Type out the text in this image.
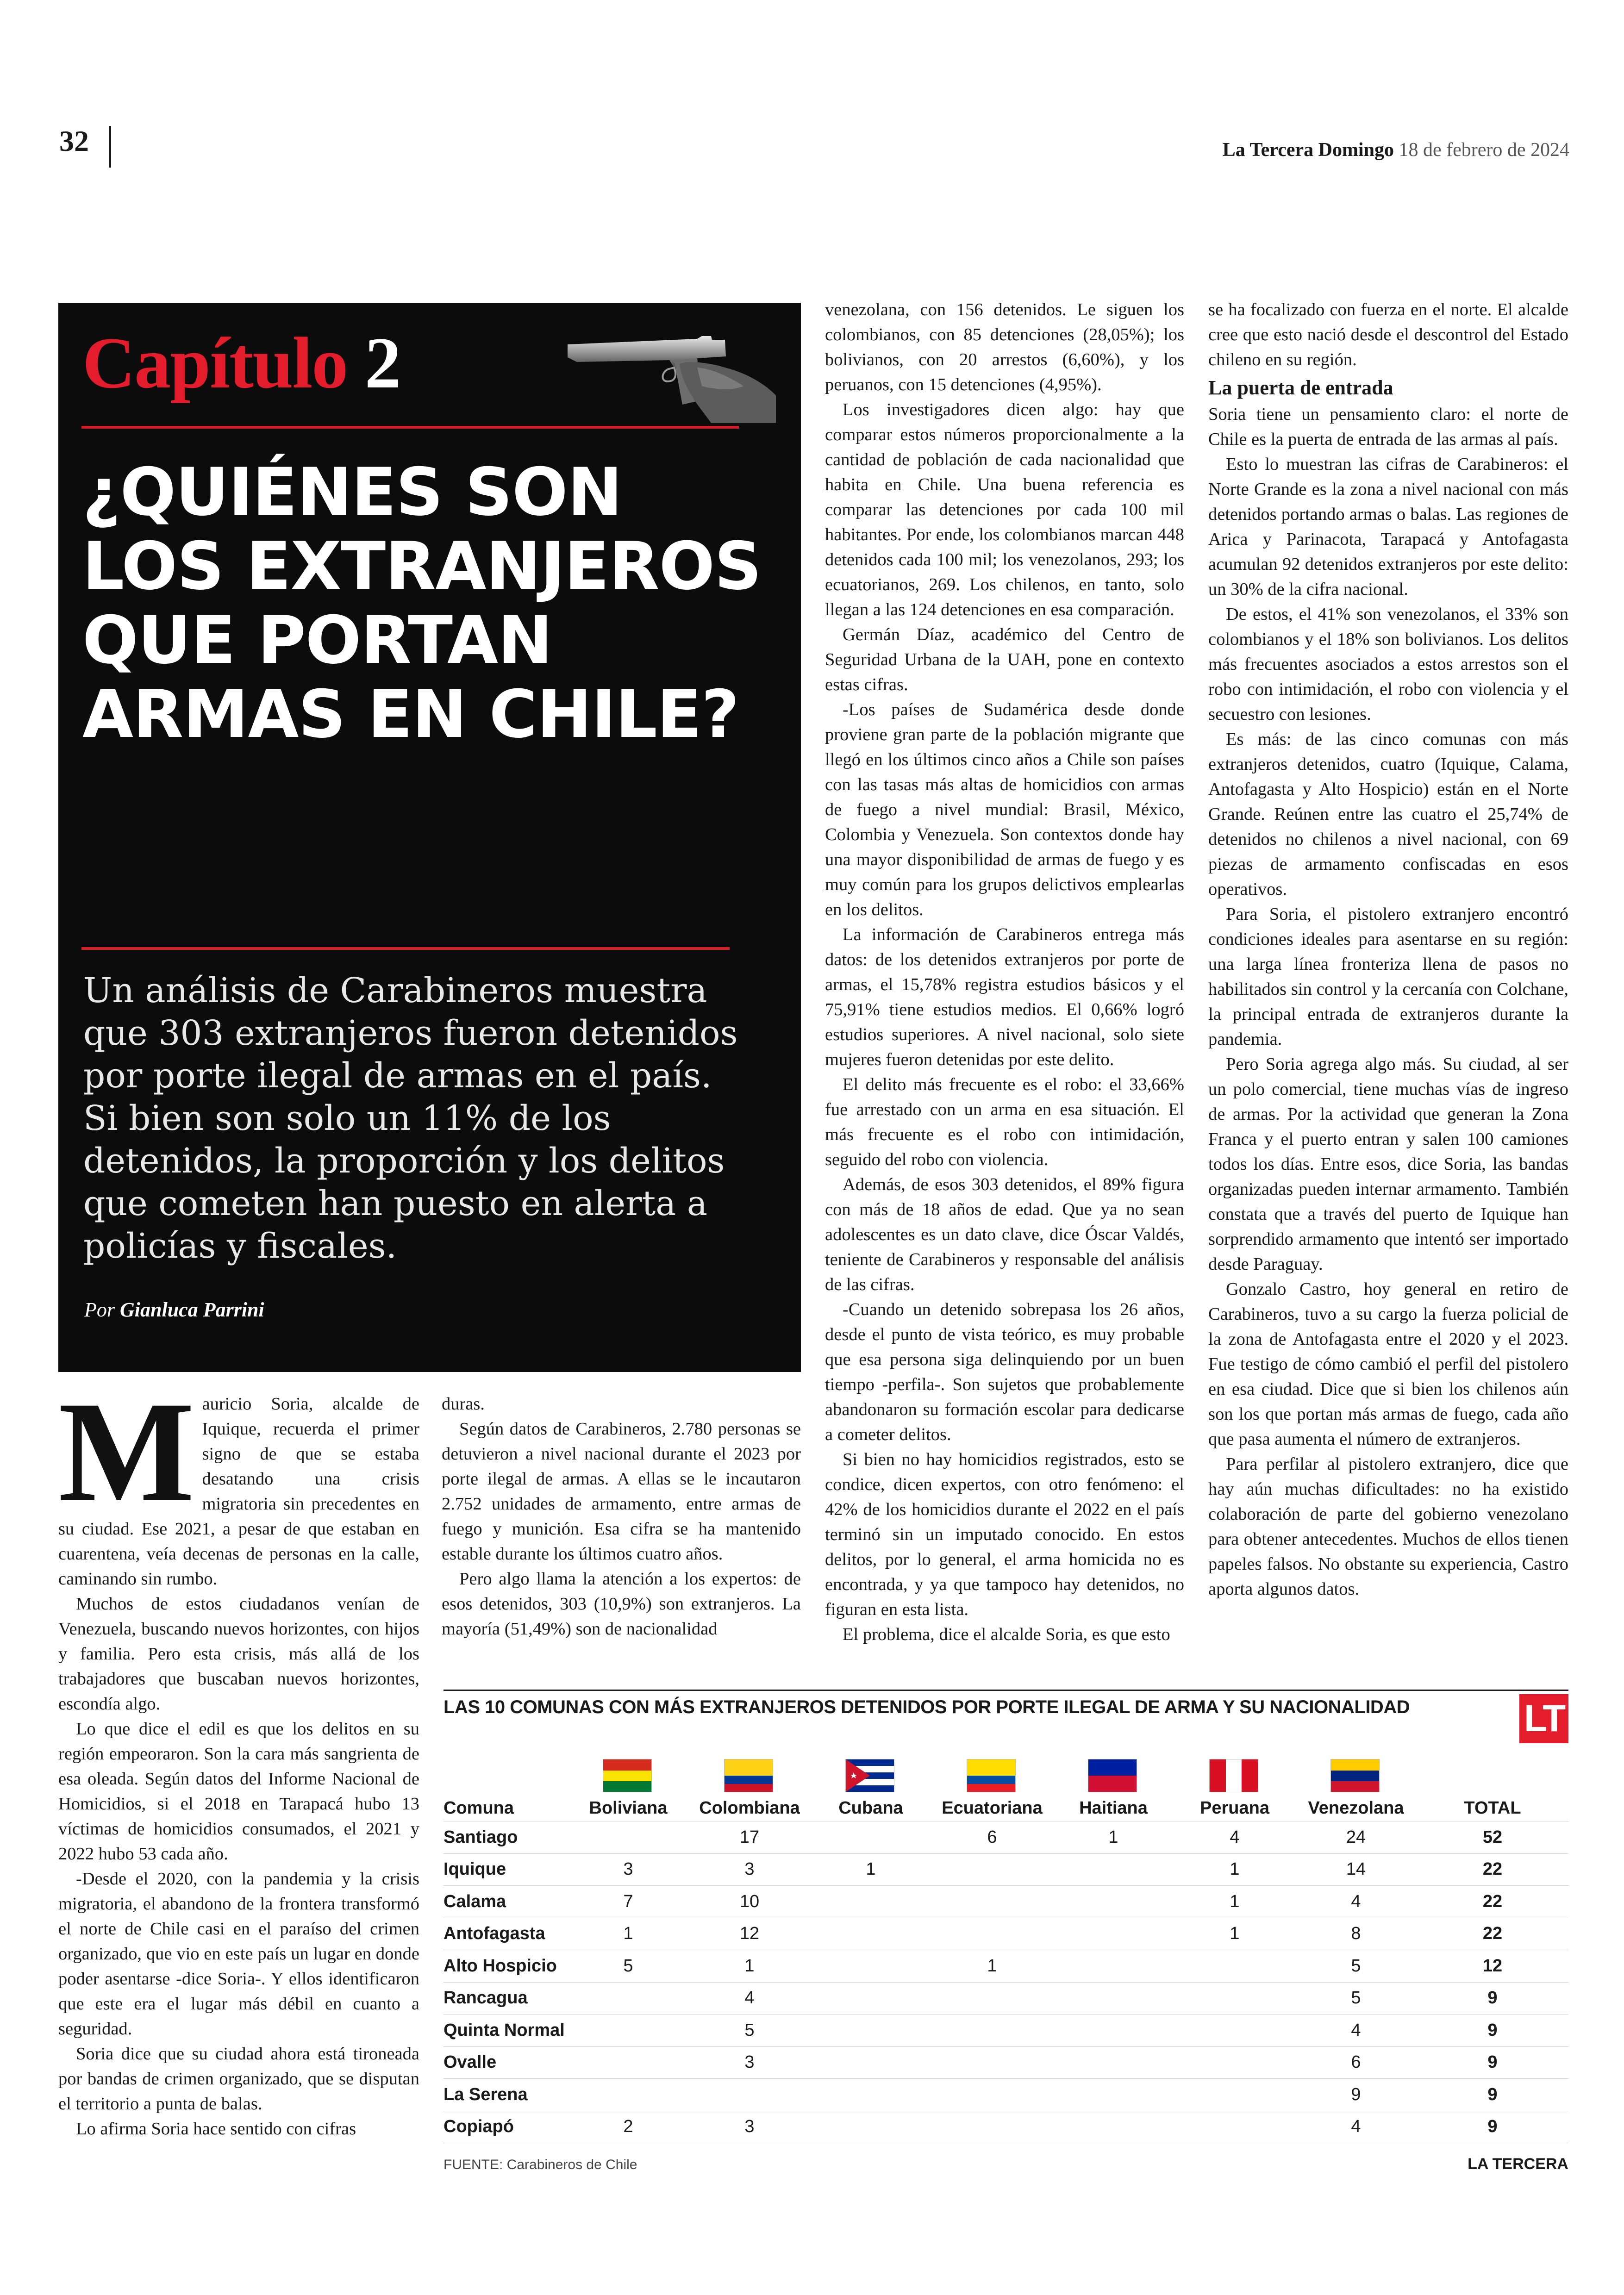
32	La Tercera Domingo 18 de febrero de 2024
Capítulo 2
¿QUIÉNES SON LOS EXTRANJEROS QUE PORTAN ARMAS EN CHILE?

Un análisis de Carabineros muestra que 303 extranjeros fueron detenidos por porte ilegal de armas en el país. Si bien son solo un 11% de los detenidos, la proporción y los delitos que cometen han puesto en alerta a policías y fiscales.

Por Gianluca Parrini

Mauricio Soria, alcalde de Iquique, recuerda el primer signo de que se estaba desatando una crisis migratoria sin precedentes en su ciudad. Ese 2021, a pesar de que estaban en cuarentena, veía decenas de personas en la calle, caminando sin rumbo.

Muchos de estos ciudadanos venían de Venezuela, buscando nuevos horizontes, con hijos y familia. Pero esta crisis, más allá de los trabajadores que buscaban nuevos horizontes, escondía algo.

Lo que dice el edil es que los delitos en su región empeoraron. Son la cara más sangrienta de esa oleada. Según datos del Informe Nacional de Homicidios, si el 2018 en Tarapacá hubo 13 víctimas de homicidios consumados, el 2021 y 2022 hubo 53 cada año.

-Desde el 2020, con la pandemia y la crisis migratoria, el abandono de la frontera transformó el norte de Chile casi en el paraíso del crimen organizado, que vio en este país un lugar en donde poder asentarse -dice Soria-. Y ellos identificaron que este era el lugar más débil en cuanto a seguridad.

Soria dice que su ciudad ahora está tironeada por bandas de crimen organizado, que se disputan el territorio a punta de balas.

Lo afirma Soria hace sentido con cifras

duras.

Según datos de Carabineros, 2.780 personas se detuvieron a nivel nacional durante el 2023 por porte ilegal de armas. A ellas se le incautaron 2.752 unidades de armamento, entre armas de fuego y munición. Esa cifra se ha mantenido estable durante los últimos cuatro años.

Pero algo llama la atención a los expertos: de esos detenidos, 303 (10,9%) son extranjeros. La mayoría (51,49%) son de nacionalidad

venezolana, con 156 detenidos. Le siguen los colombianos, con 85 detenciones (28,05%); los bolivianos, con 20 arrestos (6,60%), y los peruanos, con 15 detenciones (4,95%).

Los investigadores dicen algo: hay que comparar estos números proporcionalmente a la cantidad de población de cada nacionalidad que habita en Chile. Una buena referencia es comparar las detenciones por cada 100 mil habitantes. Por ende, los colombianos marcan 448 detenidos cada 100 mil; los venezolanos, 293; los ecuatorianos, 269. Los chilenos, en tanto, solo llegan a las 124 detenciones en esa comparación.

Germán Díaz, académico del Centro de Seguridad Urbana de la UAH, pone en contexto estas cifras.

-Los países de Sudamérica desde donde proviene gran parte de la población migrante que llegó en los últimos cinco años a Chile son países con las tasas más altas de homicidios con armas de fuego a nivel mundial: Brasil, México, Colombia y Venezuela. Son contextos donde hay una mayor disponibilidad de armas de fuego y es muy común para los grupos delictivos emplearlas en los delitos.

La información de Carabineros entrega más datos: de los detenidos extranjeros por porte de armas, el 15,78% registra estudios básicos y el 75,91% tiene estudios medios. El 0,66% logró estudios superiores. A nivel nacional, solo siete mujeres fueron detenidas por este delito.

El delito más frecuente es el robo: el 33,66% fue arrestado con un arma en esa situación. El más frecuente es el robo con intimidación, seguido del robo con violencia.

Además, de esos 303 detenidos, el 89% figura con más de 18 años de edad. Que ya no sean adolescentes es un dato clave, dice Óscar Valdés, teniente de Carabineros y responsable del análisis de las cifras.

-Cuando un detenido sobrepasa los 26 años, desde el punto de vista teórico, es muy probable que esa persona siga delinquiendo por un buen tiempo -perfila-. Son sujetos que probablemente abandonaron su formación escolar para dedicarse a cometer delitos.

Si bien no hay homicidios registrados, esto se condice, dicen expertos, con otro fenómeno: el 42% de los homicidios durante el 2022 en el país terminó sin un imputado conocido. En estos delitos, por lo general, el arma homicida no es encontrada, y ya que tampoco hay detenidos, no figuran en esta lista.

El problema, dice el alcalde Soria, es que esto

se ha focalizado con fuerza en el norte. El alcalde cree que esto nació desde el descontrol del Estado chileno en su región.

La puerta de entrada

Soria tiene un pensamiento claro: el norte de Chile es la puerta de entrada de las armas al país.

Esto lo muestran las cifras de Carabineros: el Norte Grande es la zona a nivel nacional con más detenidos portando armas o balas. Las regiones de Arica y Parinacota, Tarapacá y Antofagasta acumulan 92 detenidos extranjeros por este delito: un 30% de la cifra nacional.

De estos, el 41% son venezolanos, el 33% son colombianos y el 18% son bolivianos. Los delitos más frecuentes asociados a estos arrestos son el robo con intimidación, el robo con violencia y el secuestro con lesiones.

Es más: de las cinco comunas con más extranjeros detenidos, cuatro (Iquique, Calama, Antofagasta y Alto Hospicio) están en el Norte Grande. Reúnen entre las cuatro el 25,74% de detenidos no chilenos a nivel nacional, con 69 piezas de armamento confiscadas en esos operativos.

Para Soria, el pistolero extranjero encontró condiciones ideales para asentarse en su región: una larga línea fronteriza llena de pasos no habilitados sin control y la cercanía con Colchane, la principal entrada de extranjeros durante la pandemia.

Pero Soria agrega algo más. Su ciudad, al ser un polo comercial, tiene muchas vías de ingreso de armas. Por la actividad que generan la Zona Franca y el puerto entran y salen 100 camiones todos los días. Entre esos, dice Soria, las bandas organizadas pueden internar armamento. También constata que a través del puerto de Iquique han sorprendido armamento que intentó ser importado desde Paraguay.

Gonzalo Castro, hoy general en retiro de Carabineros, tuvo a su cargo la fuerza policial de la zona de Antofagasta entre el 2020 y el 2023. Fue testigo de cómo cambió el perfil del pistolero en esa ciudad. Dice que si bien los chilenos aún son los que portan más armas de fuego, cada año que pasa aumenta el número de extranjeros.

Para perfilar al pistolero extranjero, dice que hay aún muchas dificultades: no ha existido colaboración de parte del gobierno venezolano para obtener antecedentes. Muchos de ellos tienen papeles falsos. No obstante su experiencia, Castro aporta algunos datos.

LAS 10 COMUNAS CON MÁS EXTRANJEROS DETENIDOS POR PORTE ILEGAL DE ARMA Y SU NACIONALIDAD	LT
Comuna	Boliviana	Colombiana	Cubana	Ecuatoriana	Haitiana	Peruana	Venezolana	TOTAL
Santiago		17		6	1	4	24	52
Iquique	3	3	1			1	14	22
Calama	7	10				1	4	22
Antofagasta	1	12				1	8	22
Alto Hospicio	5	1		1			5	12
Rancagua		4					5	9
Quinta Normal		5					4	9
Ovalle		3					6	9
La Serena							9	9
Copiapó	2	3					4	9
FUENTE: Carabineros de Chile	LA TERCERA
